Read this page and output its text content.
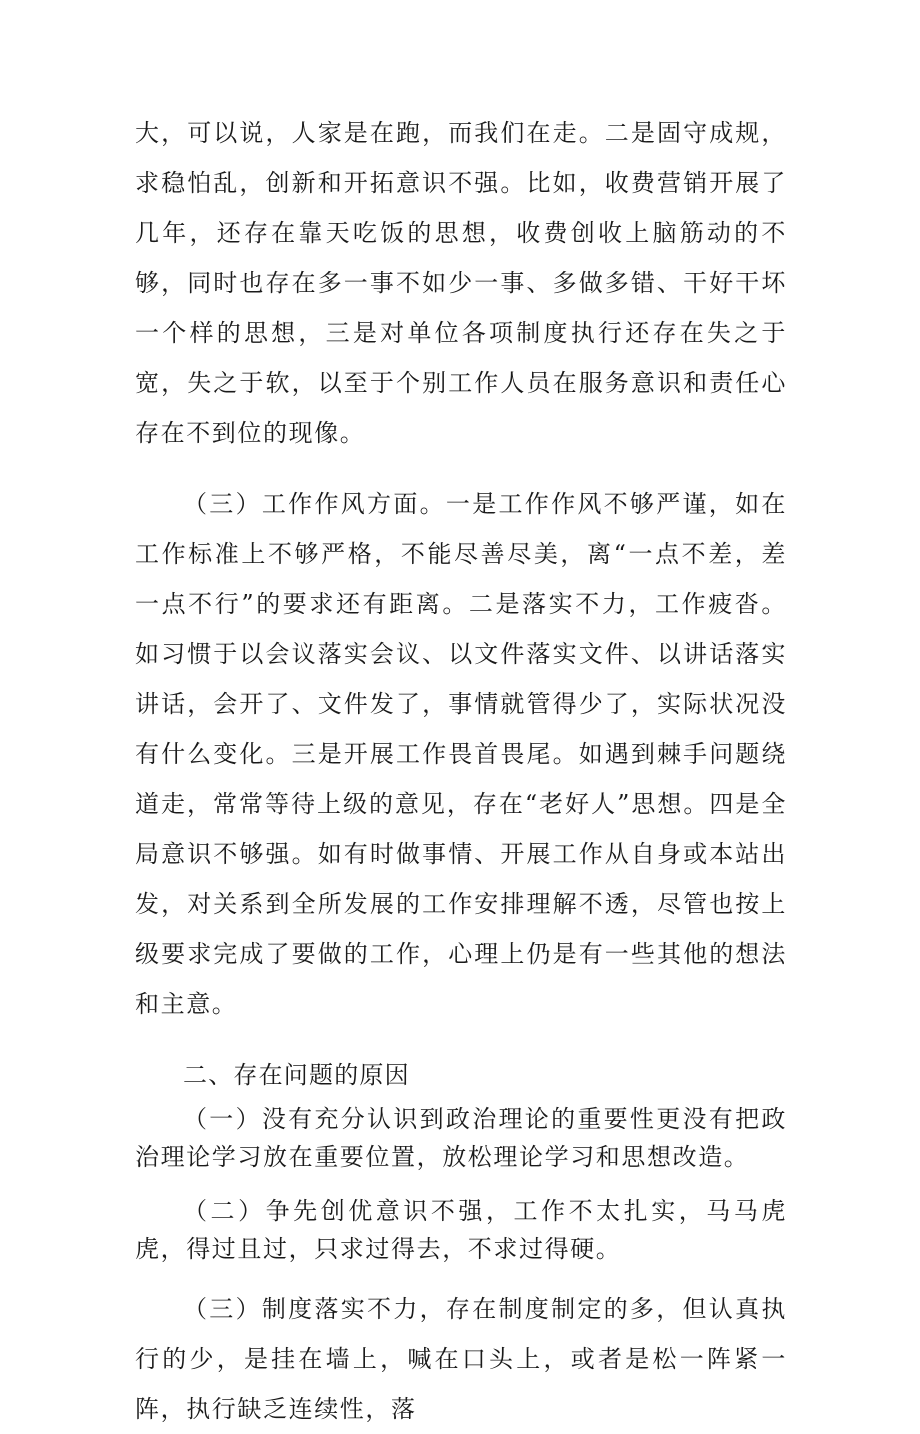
大，可以说，人家是在跑，而我们在走。二是固守成规，求稳怕乱，创新和开拓意识不强。比如，收费营销开展了几年，还存在靠天吃饭的思想，收费创收上脑筋动的不够，同时也存在多一事不如少一事、多做多错、干好干坏一个样的思想，三是对单位各项制度执行还存在失之于宽，失之于软，以至于个别工作人员在服务意识和责任心存在不到位的现像。

（三）工作作风方面。一是工作作风不够严谨，如在工作标准上不够严格，不能尽善尽美，离“一点不差，差一点不行”的要求还有距离。二是落实不力，工作疲沓。如习惯于以会议落实会议、以文件落实文件、以讲话落实讲话，会开了、文件发了，事情就管得少了，实际状况没有什么变化。三是开展工作畏首畏尾。如遇到棘手问题绕道走，常常等待上级的意见，存在“老好人”思想。四是全局意识不够强。如有时做事情、开展工作从自身或本站出发，对关系到全所发展的工作安排理解不透，尽管也按上级要求完成了要做的工作，心理上仍是有一些其他的想法和主意。

二、存在问题的原因

（一）没有充分认识到政治理论的重要性更没有把政治理论学习放在重要位置，放松理论学习和思想改造。

（二）争先创优意识不强，工作不太扎实，马马虎虎，得过且过，只求过得去，不求过得硬。

（三）制度落实不力，存在制度制定的多，但认真执行的少，是挂在墙上，喊在口头上，或者是松一阵紧一阵，执行缺乏连续性，落
